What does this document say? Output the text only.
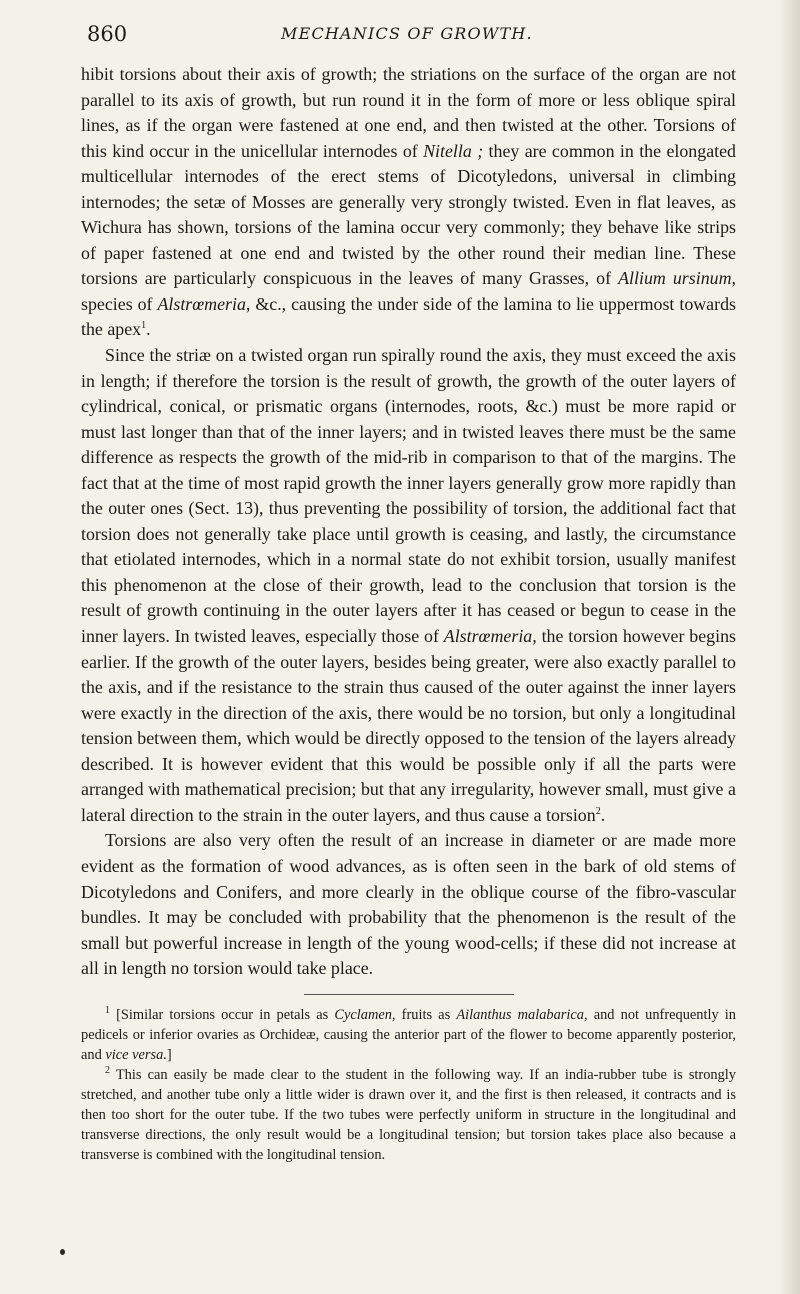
860	MECHANICS OF GROWTH.

hibit torsions about their axis of growth; the striations on the surface of the organ are not parallel to its axis of growth, but run round it in the form of more or less oblique spiral lines, as if the organ were fastened at one end, and then twisted at the other. Torsions of this kind occur in the unicellular internodes of Nitella ; they are common in the elongated multicellular internodes of the erect stems of Dicotyledons, universal in climbing internodes; the setæ of Mosses are generally very strongly twisted. Even in flat leaves, as Wichura has shown, torsions of the lamina occur very commonly; they behave like strips of paper fastened at one end and twisted by the other round their median line. These torsions are particularly conspicuous in the leaves of many Grasses, of Allium ursinum, species of Alstrœmeria, &c., causing the under side of the lamina to lie uppermost towards the apex$^1$.

Since the striæ on a twisted organ run spirally round the axis, they must exceed the axis in length; if therefore the torsion is the result of growth, the growth of the outer layers of cylindrical, conical, or prismatic organs (internodes, roots, &c.) must be more rapid or must last longer than that of the inner layers; and in twisted leaves there must be the same difference as respects the growth of the mid-rib in comparison to that of the margins. The fact that at the time of most rapid growth the inner layers generally grow more rapidly than the outer ones (Sect. 13), thus preventing the possibility of torsion, the additional fact that torsion does not generally take place until growth is ceasing, and lastly, the circumstance that etiolated internodes, which in a normal state do not exhibit torsion, usually manifest this phenomenon at the close of their growth, lead to the conclusion that torsion is the result of growth continuing in the outer layers after it has ceased or begun to cease in the inner layers. In twisted leaves, especially those of Alstrœmeria, the torsion however begins earlier. If the growth of the outer layers, besides being greater, were also exactly parallel to the axis, and if the resistance to the strain thus caused of the outer against the inner layers were exactly in the direction of the axis, there would be no torsion, but only a longitudinal tension between them, which would be directly opposed to the tension of the layers already described. It is however evident that this would be possible only if all the parts were arranged with mathematical precision; but that any irregularity, however small, must give a lateral direction to the strain in the outer layers, and thus cause a torsion$^2$.

Torsions are also very often the result of an increase in diameter or are made more evident as the formation of wood advances, as is often seen in the bark of old stems of Dicotyledons and Conifers, and more clearly in the oblique course of the fibro-vascular bundles. It may be concluded with probability that the phenomenon is the result of the small but powerful increase in length of the young wood-cells; if these did not increase at all in length no torsion would take place.

$^1$ [Similar torsions occur in petals as Cyclamen, fruits as Ailanthus malabarica, and not unfrequently in pedicels or inferior ovaries as Orchideæ, causing the anterior part of the flower to become apparently posterior, and vice versa.]

$^2$ This can easily be made clear to the student in the following way. If an india-rubber tube is strongly stretched, and another tube only a little wider is drawn over it, and the first is then released, it contracts and is then too short for the outer tube. If the two tubes were perfectly uniform in structure in the longitudinal and transverse directions, the only result would be a longitudinal tension; but torsion takes place also because a transverse is combined with the longitudinal tension.
